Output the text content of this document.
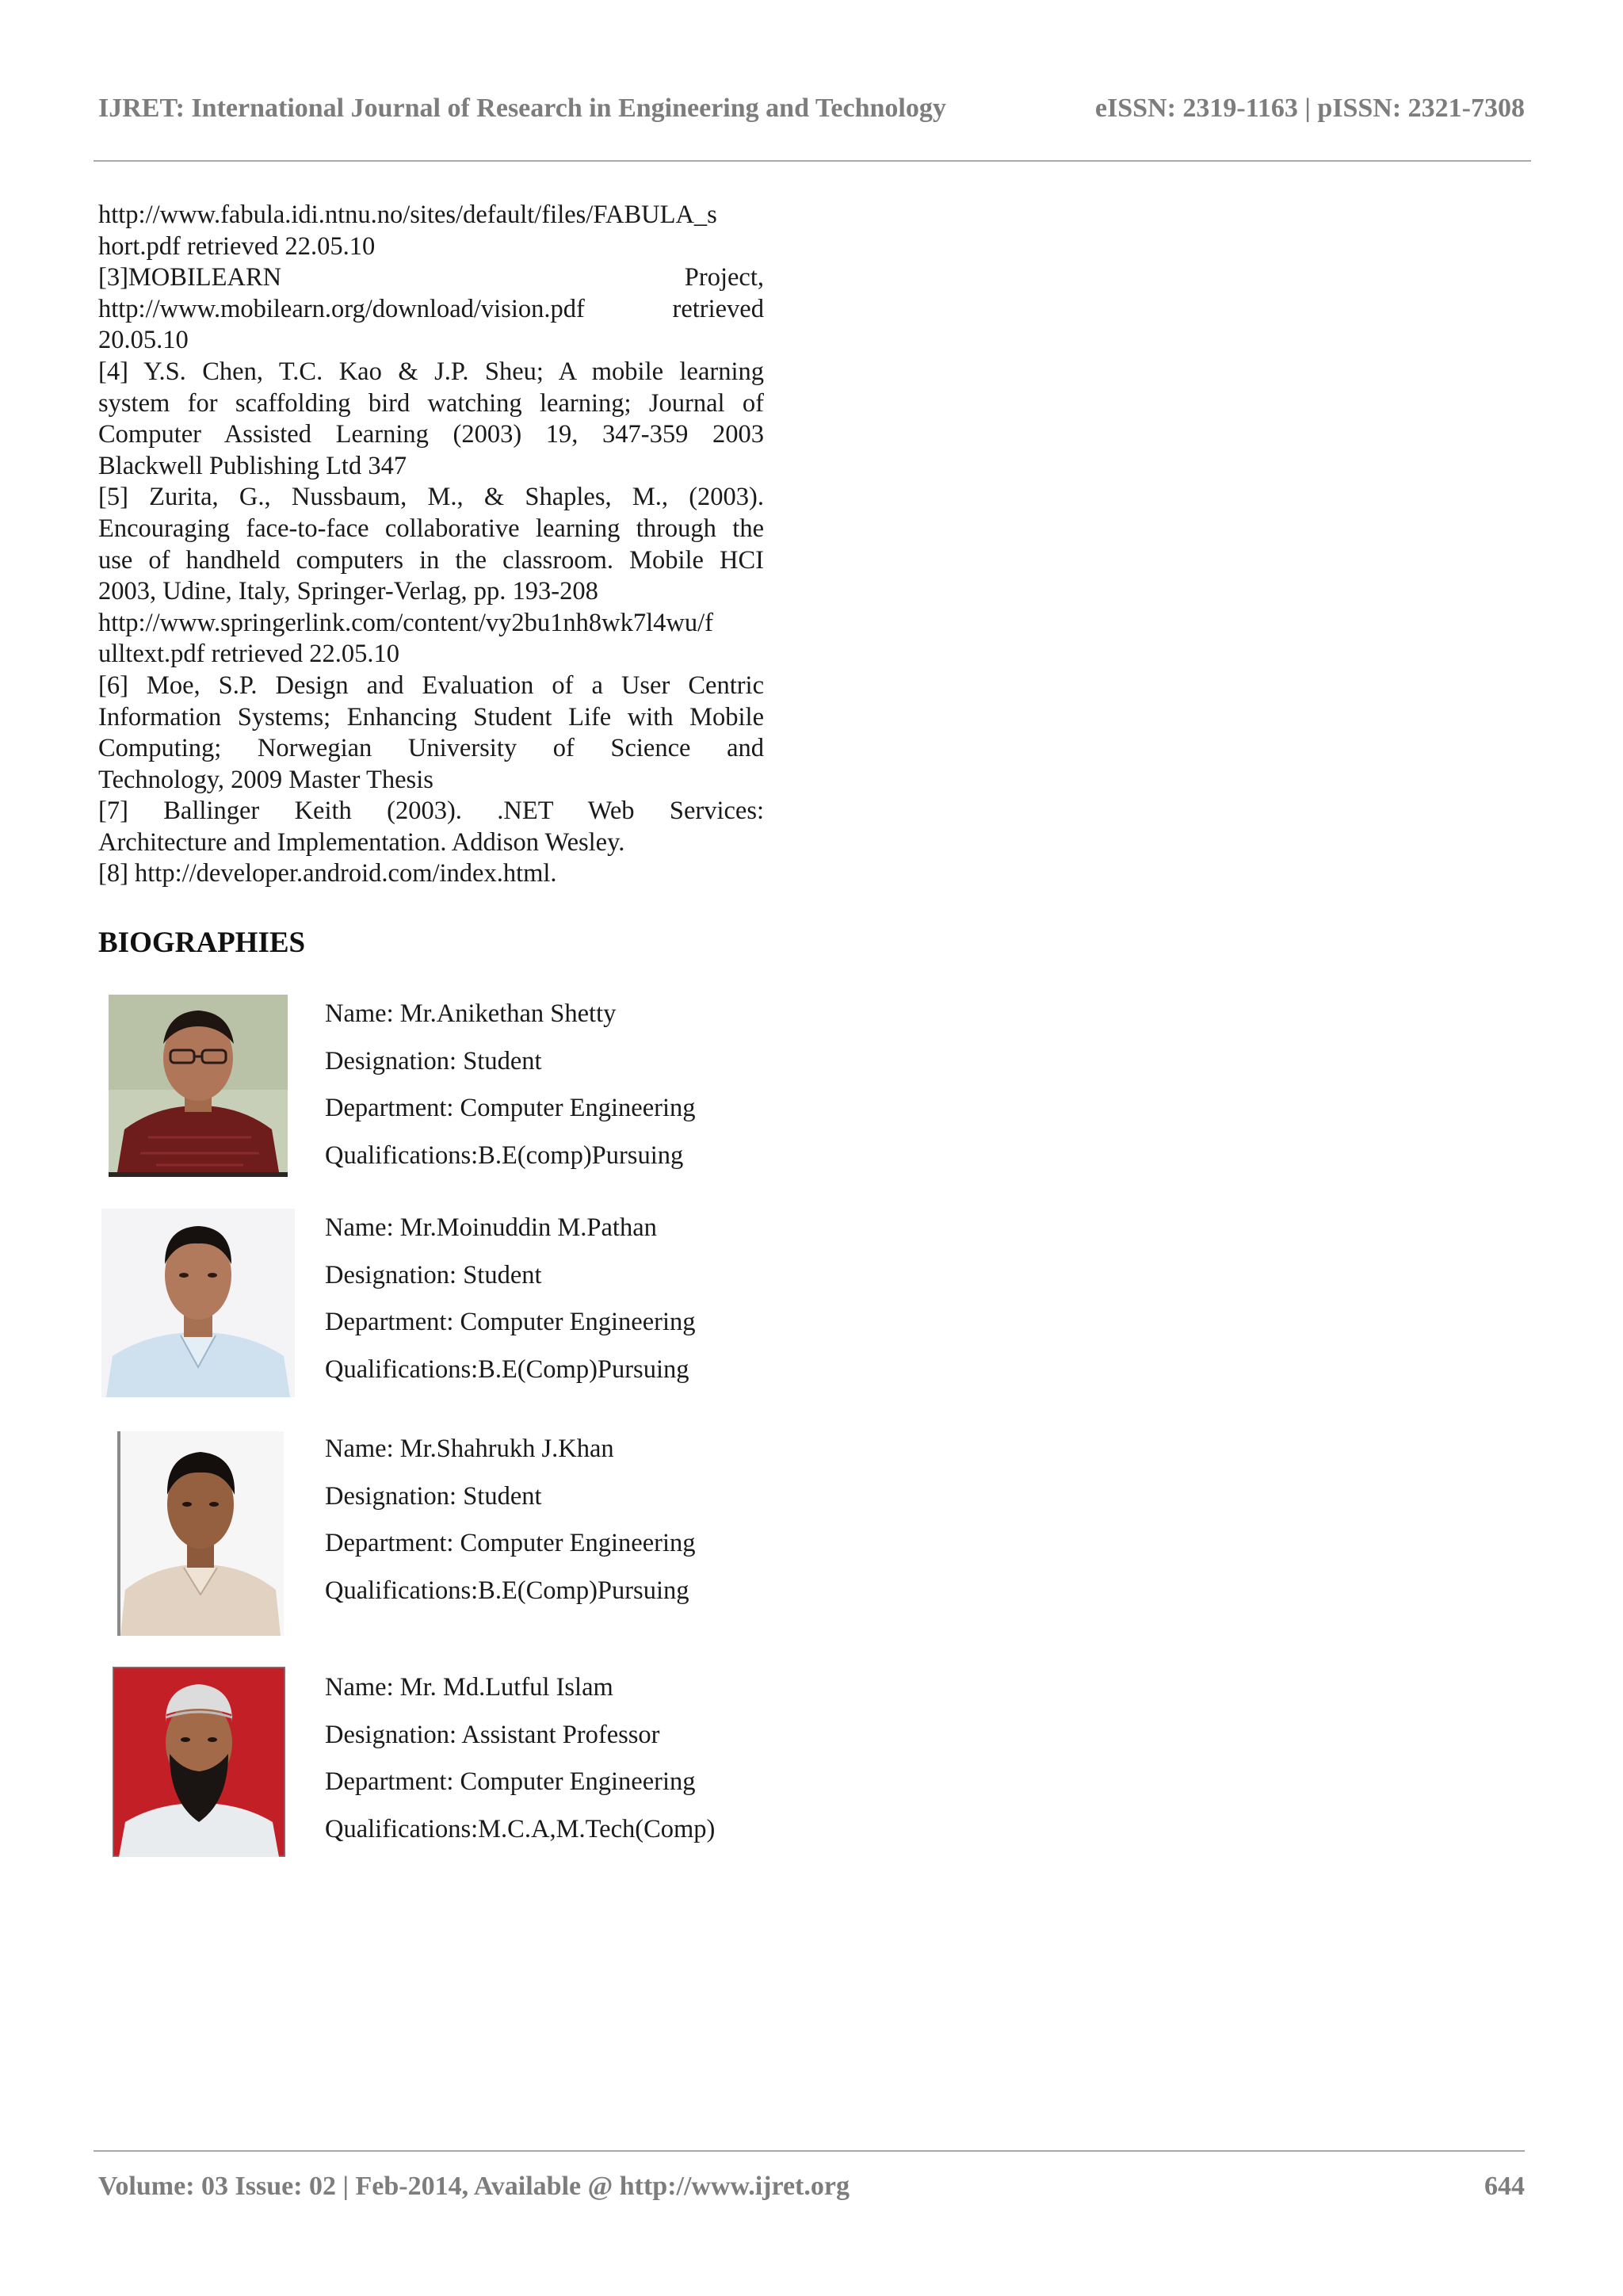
IJRET: International Journal of Research in Engineering and Technology	eISSN: 2319-1163 | pISSN: 2321-7308

http://www.fabula.idi.ntnu.no/sites/default/files/FABULA_s

hort.pdf retrieved 22.05.10

[3]MOBILEARN Project,

http://www.mobilearn.org/download/vision.pdf retrieved

20.05.10

[4] Y.S. Chen, T.C. Kao & J.P. Sheu; A mobile learning

system for scaffolding bird watching learning; Journal of

Computer Assisted Learning (2003) 19, 347-359 2003

Blackwell Publishing Ltd 347

[5] Zurita, G., Nussbaum, M., & Shaples, M., (2003).

Encouraging face-to-face collaborative learning through the

use of handheld computers in the classroom. Mobile HCI

2003, Udine, Italy, Springer-Verlag, pp. 193-208

http://www.springerlink.com/content/vy2bu1nh8wk7l4wu/f

ulltext.pdf retrieved 22.05.10

[6] Moe, S.P. Design and Evaluation of a User Centric

Information Systems; Enhancing Student Life with Mobile

Computing; Norwegian University of Science and

Technology, 2009 Master Thesis

[7] Ballinger Keith (2003). .NET Web Services:

Architecture and Implementation. Addison Wesley.

[8] http://developer.android.com/index.html.

BIOGRAPHIES
Name: Mr.Anikethan Shetty
Designation: Student
Department: Computer Engineering
Qualifications:B.E(comp)Pursuing
Name: Mr.Moinuddin M.Pathan
Designation: Student
Department: Computer Engineering
Qualifications:B.E(Comp)Pursuing
Name: Mr.Shahrukh J.Khan
Designation: Student
Department: Computer Engineering
Qualifications:B.E(Comp)Pursuing
Name: Mr. Md.Lutful Islam
Designation: Assistant Professor
Department: Computer Engineering
Qualifications:M.C.A,M.Tech(Comp)
Volume: 03 Issue: 02 | Feb-2014, Available @ http://www.ijret.org	644
